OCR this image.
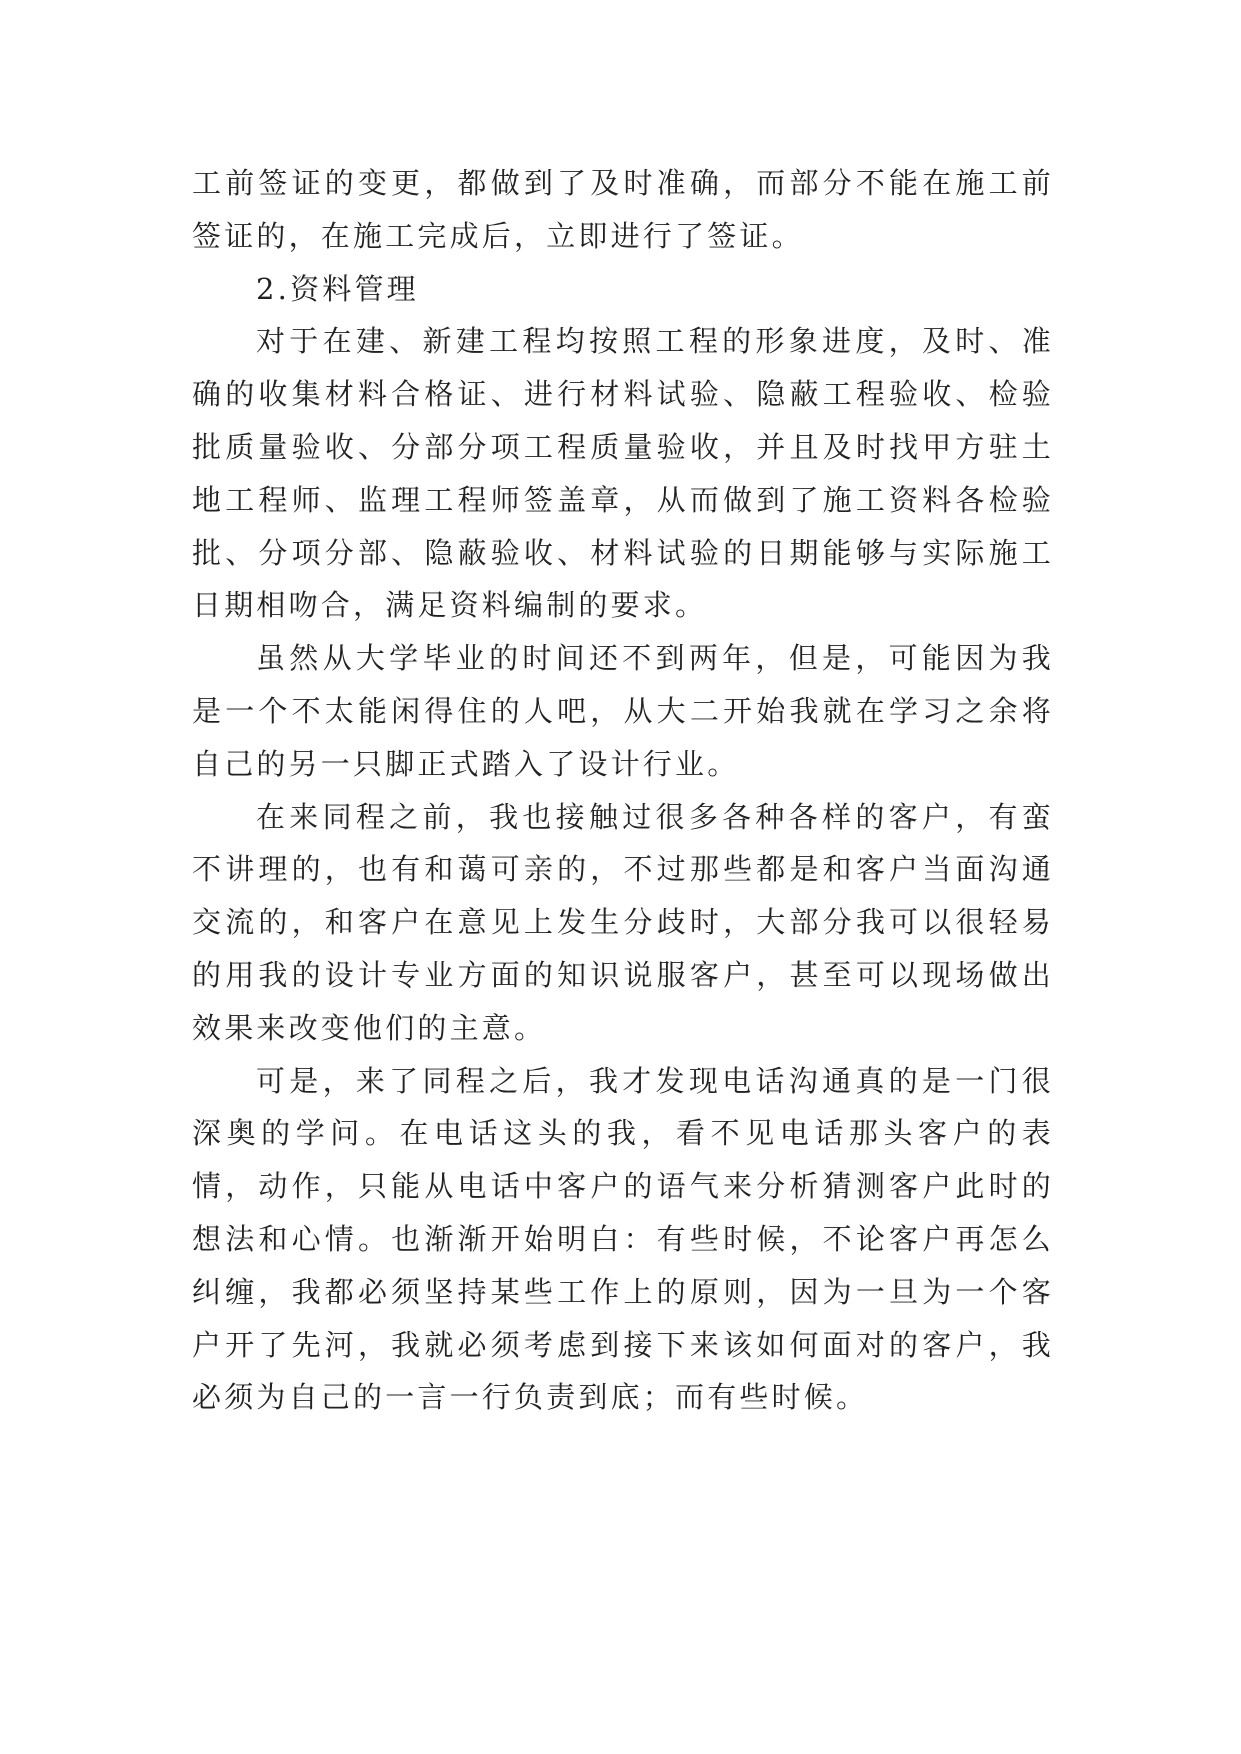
工前签证的变更，都做到了及时准确，而部分不能在施工前签证的，在施工完成后，立即进行了签证。

2.资料管理

对于在建、新建工程均按照工程的形象进度，及时、准确的收集材料合格证、进行材料试验、隐蔽工程验收、检验批质量验收、分部分项工程质量验收，并且及时找甲方驻土地工程师、监理工程师签盖章，从而做到了施工资料各检验批、分项分部、隐蔽验收、材料试验的日期能够与实际施工日期相吻合，满足资料编制的要求。

虽然从大学毕业的时间还不到两年，但是，可能因为我是一个不太能闲得住的人吧，从大二开始我就在学习之余将自己的另一只脚正式踏入了设计行业。

在来同程之前，我也接触过很多各种各样的客户，有蛮不讲理的，也有和蔼可亲的，不过那些都是和客户当面沟通交流的，和客户在意见上发生分歧时，大部分我可以很轻易的用我的设计专业方面的知识说服客户，甚至可以现场做出效果来改变他们的主意。

可是，来了同程之后，我才发现电话沟通真的是一门很深奥的学问。在电话这头的我，看不见电话那头客户的表情，动作，只能从电话中客户的语气来分析猜测客户此时的想法和心情。也渐渐开始明白：有些时候，不论客户再怎么纠缠，我都必须坚持某些工作上的原则，因为一旦为一个客户开了先河，我就必须考虑到接下来该如何面对的客户，我必须为自己的一言一行负责到底；而有些时候。
